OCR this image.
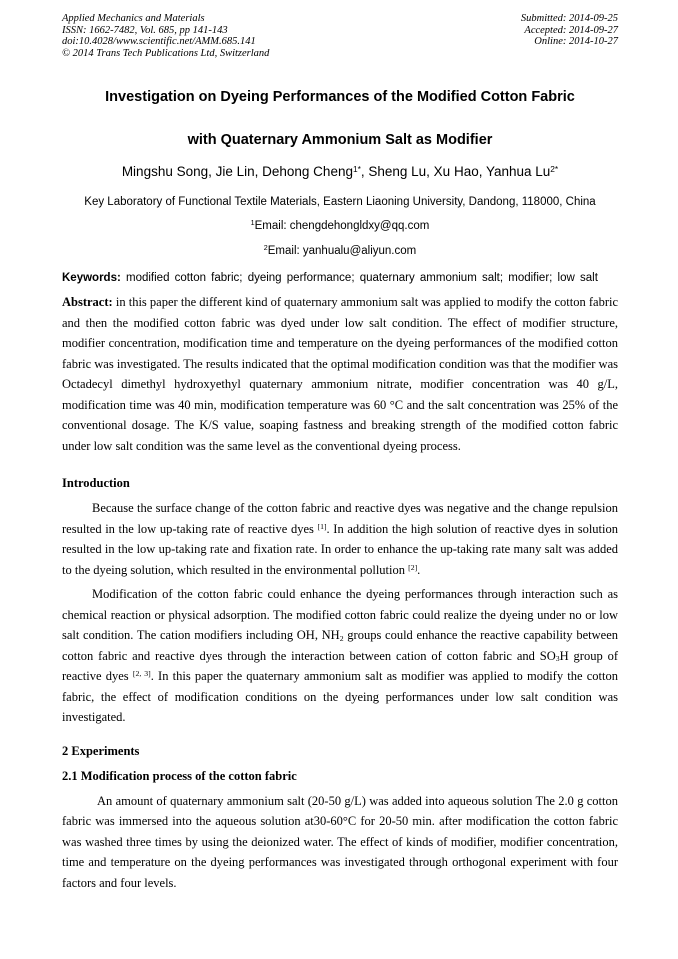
Applied Mechanics and Materials
ISSN: 1662-7482, Vol. 685, pp 141-143
doi:10.4028/www.scientific.net/AMM.685.141
© 2014 Trans Tech Publications Ltd, Switzerland
Submitted: 2014-09-25
Accepted: 2014-09-27
Online: 2014-10-27
Investigation on Dyeing Performances of the Modified Cotton Fabric
with Quaternary Ammonium Salt as Modifier
Mingshu Song, Jie Lin, Dehong Cheng$^{1*}$, Sheng Lu, Xu Hao, Yanhua $Lu^{2*}$
Key Laboratory of Functional Textile Materials, Eastern Liaoning University, Dandong, 118000, China
$^1$Email: chengdehongldxy@qq.com
$^2$Email: yanhualu@aliyun.com
Keywords: modified cotton fabric; dyeing performance; quaternary ammonium salt; modifier; low salt

Abstract: in this paper the different kind of quaternary ammonium salt was applied to modify the cotton fabric and then the modified cotton fabric was dyed under low salt condition. The effect of modifier structure, modifier concentration, modification time and temperature on the dyeing performances of the modified cotton fabric was investigated. The results indicated that the optimal modification condition was that the modifier was Octadecyl dimethyl hydroxyethyl quaternary ammonium nitrate, modifier concentration was 40 g/L, modification time was 40 min, modification temperature was 60 °C and the salt concentration was 25% of the conventional dosage. The K/S value, soaping fastness and breaking strength of the modified cotton fabric under low salt condition was the same level as the conventional dyeing process.

Introduction

Because the surface change of the cotton fabric and reactive dyes was negative and the change repulsion resulted in the low up-taking rate of reactive dyes [1]. In addition the high solution of reactive dyes in solution resulted in the low up-taking rate and fixation rate. In order to enhance the up-taking rate many salt was added to the dyeing solution, which resulted in the environmental pollution [2].

Modification of the cotton fabric could enhance the dyeing performances through interaction such as chemical reaction or physical adsorption. The modified cotton fabric could realize the dyeing under no or low salt condition. The cation modifiers including OH, $NH_2$ groups could enhance the reactive capability between cotton fabric and reactive dyes through the interaction between cation of cotton fabric and $SO_3H$ group of reactive dyes [2, 3]. In this paper the quaternary ammonium salt as modifier was applied to modify the cotton fabric, the effect of modification conditions on the dyeing performances under low salt condition was investigated.

2 Experiments
2.1 Modification process of the cotton fabric

An amount of quaternary ammonium salt (20-50 g/L) was added into aqueous solution The 2.0 g cotton fabric was immersed into the aqueous solution at30-60°C for 20-50 min. after modification the cotton fabric was washed three times by using the deionized water. The effect of kinds of modifier, modifier concentration, time and temperature on the dyeing performances was investigated through orthogonal experiment with four factors and four levels.
